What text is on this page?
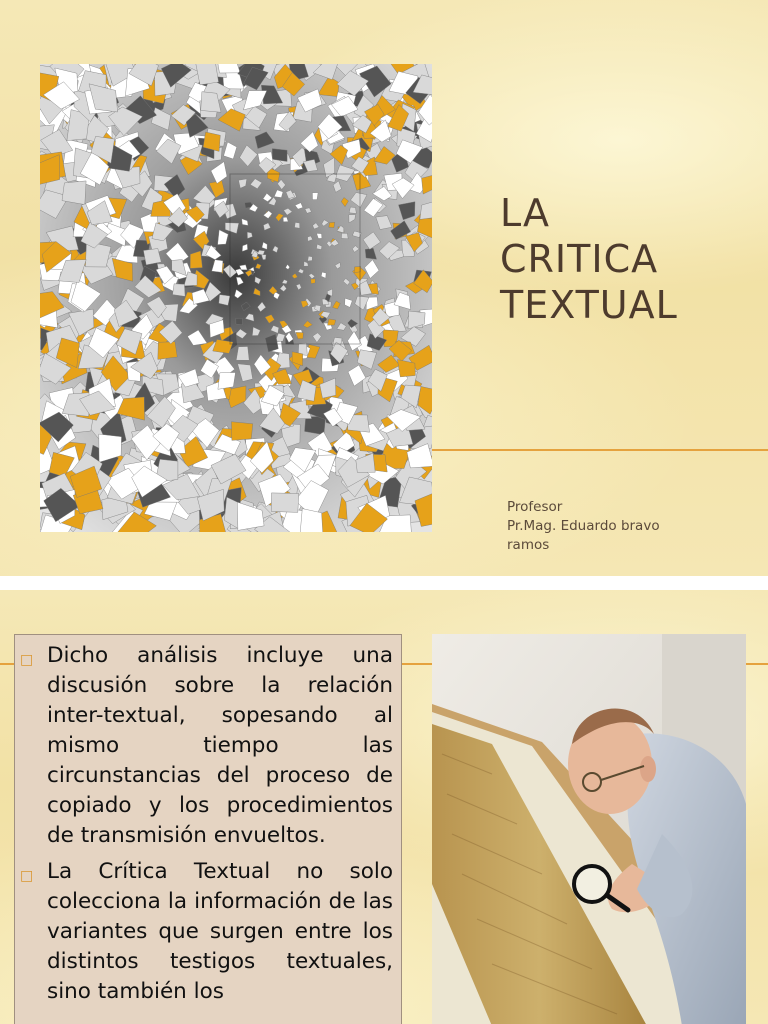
LA
CRITICA
TEXTUAL
Profesor
Pr.Mag. Eduardo bravo
ramos
□ Dicho análisis incluye una discusión sobre la relación inter-textual, sopesando al mismo tiempo las circunstancias del proceso de copiado y los procedimientos de transmisión envueltos.
□ La Crítica Textual no solo colecciona la información de las variantes que surgen entre los distintos testigos textuales, sino también los
